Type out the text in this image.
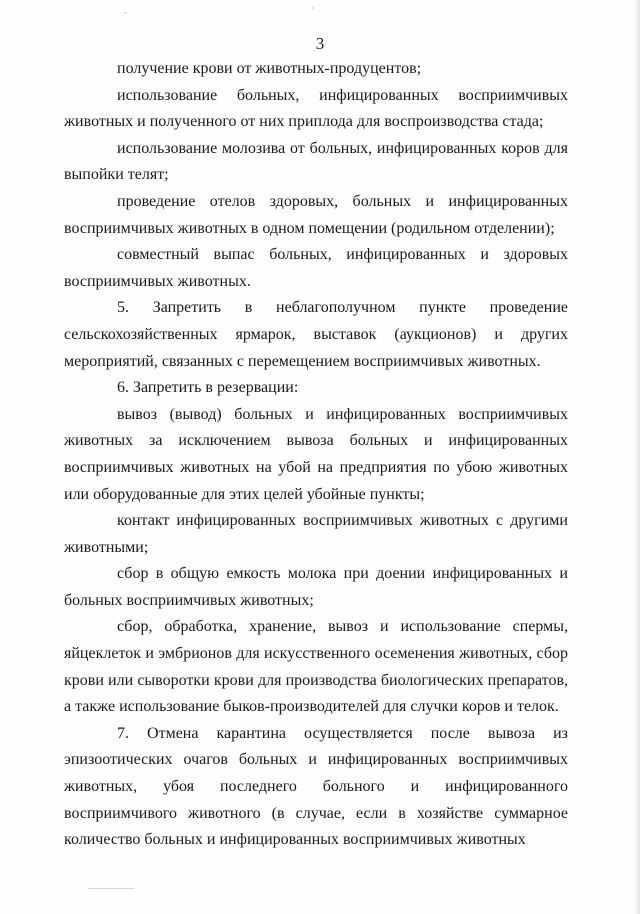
3

получение крови от животных-продуцентов;

использование больных, инфицированных восприимчивых животных и полученного от них приплода для воспроизводства стада;

использование молозива от больных, инфицированных коров для выпойки телят;

проведение отелов здоровых, больных и инфицированных восприимчивых животных в одном помещении (родильном отделении);

совместный выпас больных, инфицированных и здоровых восприимчивых животных.

5. Запретить в неблагополучном пункте проведение сельскохозяйственных ярмарок, выставок (аукционов) и других мероприятий, связанных с перемещением восприимчивых животных.

6. Запретить в резервации:

вывоз (вывод) больных и инфицированных восприимчивых животных за исключением вывоза больных и инфицированных восприимчивых животных на убой на предприятия по убою животных или оборудованные для этих целей убойные пункты;

контакт инфицированных восприимчивых животных с другими животными;

сбор в общую емкость молока при доении инфицированных и больных восприимчивых животных;

сбор, обработка, хранение, вывоз и использование спермы, яйцеклеток и эмбрионов для искусственного осеменения животных, сбор крови или сыворотки крови для производства биологических препаратов, а также использование быков-производителей для случки коров и телок.

7. Отмена карантина осуществляется после вывоза из эпизоотических очагов больных и инфицированных восприимчивых животных, убоя последнего больного и инфицированного восприимчивого животного (в случае, если в хозяйстве суммарное количество больных и инфицированных восприимчивых животных
